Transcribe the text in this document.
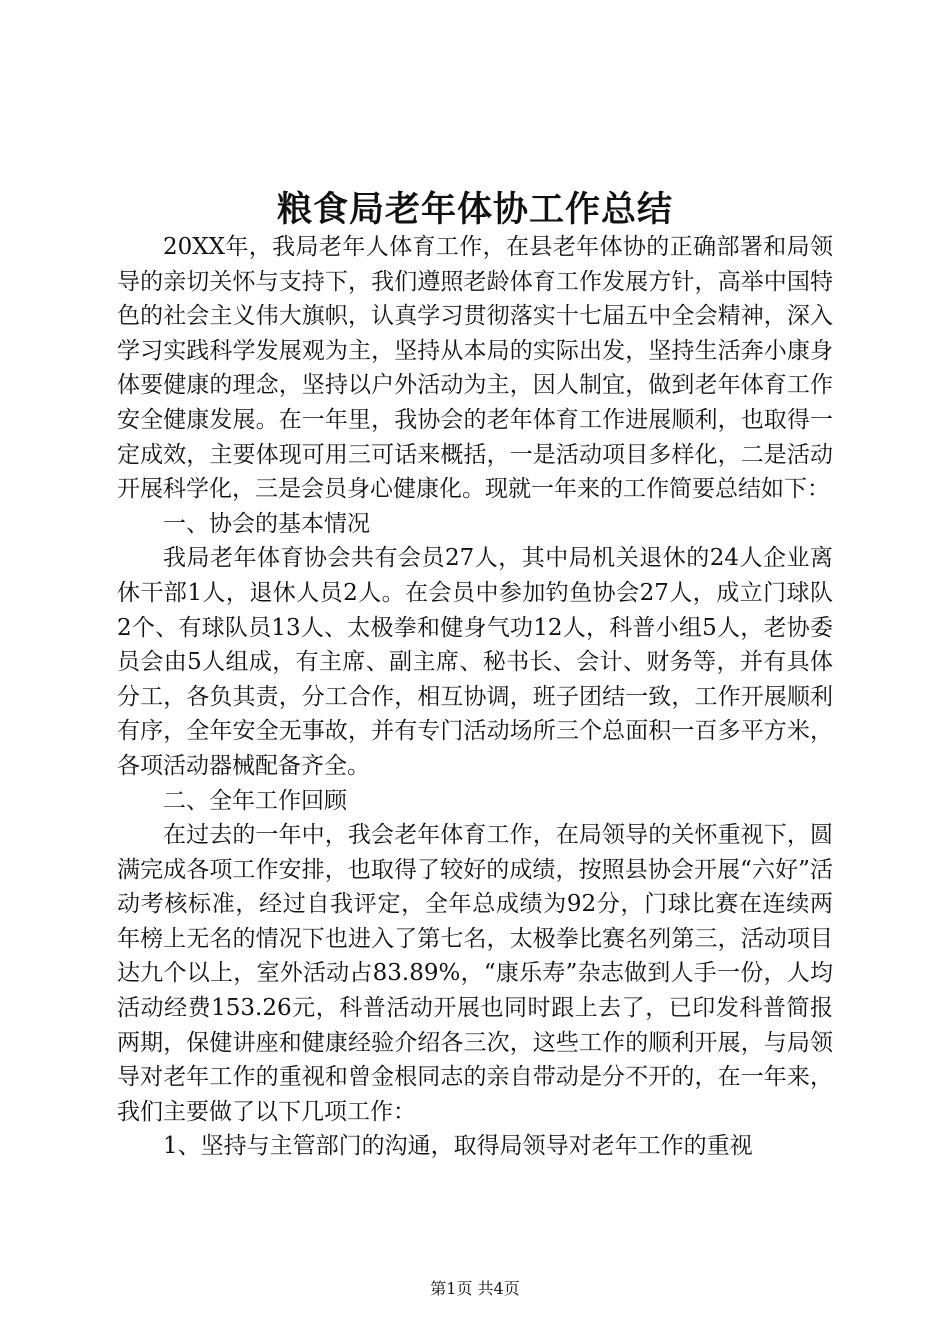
粮食局老年体协工作总结

20XX年，我局老年人体育工作，在县老年体协的正确部署和局领导的亲切关怀与支持下，我们遵照老龄体育工作发展方针，高举中国特色的社会主义伟大旗帜，认真学习贯彻落实十七届五中全会精神，深入学习实践科学发展观为主，坚持从本局的实际出发，坚持生活奔小康身体要健康的理念，坚持以户外活动为主，因人制宜，做到老年体育工作安全健康发展。在一年里，我协会的老年体育工作进展顺利，也取得一定成效，主要体现可用三可话来概括，一是活动项目多样化，二是活动开展科学化，三是会员身心健康化。现就一年来的工作简要总结如下：

一、协会的基本情况

我局老年体育协会共有会员27人，其中局机关退休的24人企业离休干部1人，退休人员2人。在会员中参加钓鱼协会27人，成立门球队2个、有球队员13人、太极拳和健身气功12人，科普小组5人，老协委员会由5人组成，有主席、副主席、秘书长、会计、财务等，并有具体分工，各负其责，分工合作，相互协调，班子团结一致，工作开展顺利有序，全年安全无事故，并有专门活动场所三个总面积一百多平方米，各项活动器械配备齐全。

二、全年工作回顾

在过去的一年中，我会老年体育工作，在局领导的关怀重视下，圆满完成各项工作安排，也取得了较好的成绩，按照县协会开展“六好”活动考核标准，经过自我评定，全年总成绩为92分，门球比赛在连续两年榜上无名的情况下也进入了第七名，太极拳比赛名列第三，活动项目达九个以上，室外活动占83.89%，“康乐寿”杂志做到人手一份，人均活动经费153.26元，科普活动开展也同时跟上去了，已印发科普简报两期，保健讲座和健康经验介绍各三次，这些工作的顺利开展，与局领导对老年工作的重视和曾金根同志的亲自带动是分不开的，在一年来，我们主要做了以下几项工作：

1、坚持与主管部门的沟通，取得局领导对老年工作的重视

第1页 共4页
